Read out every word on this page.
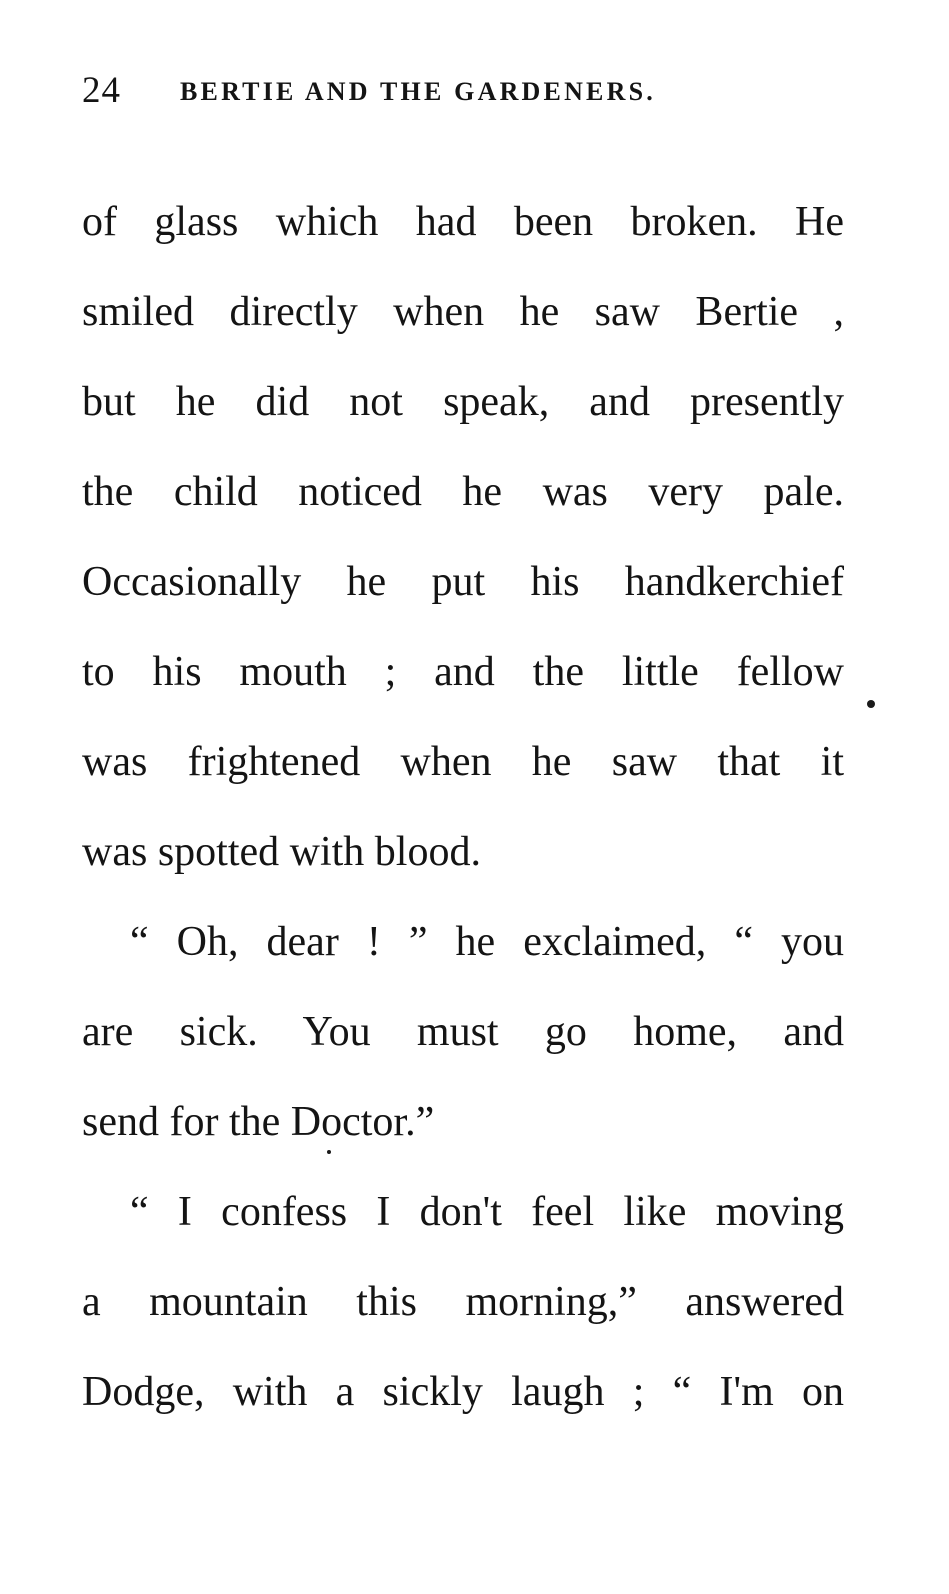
24 BERTIE AND THE GARDENERS.
of glass which had been broken. He
smiled directly when he saw Bertie ,
but he did not speak, and presently
the child noticed he was very pale.
Occasionally he put his handkerchief
to his mouth ; and the little fellow
was frightened when he saw that it
was spotted with blood.
“ Oh, dear ! ” he exclaimed, “ you
are sick. You must go home, and
send for the Doctor.”
“ I confess I don't feel like moving
a mountain this morning,” answered
Dodge, with a sickly laugh ; “ I'm on
